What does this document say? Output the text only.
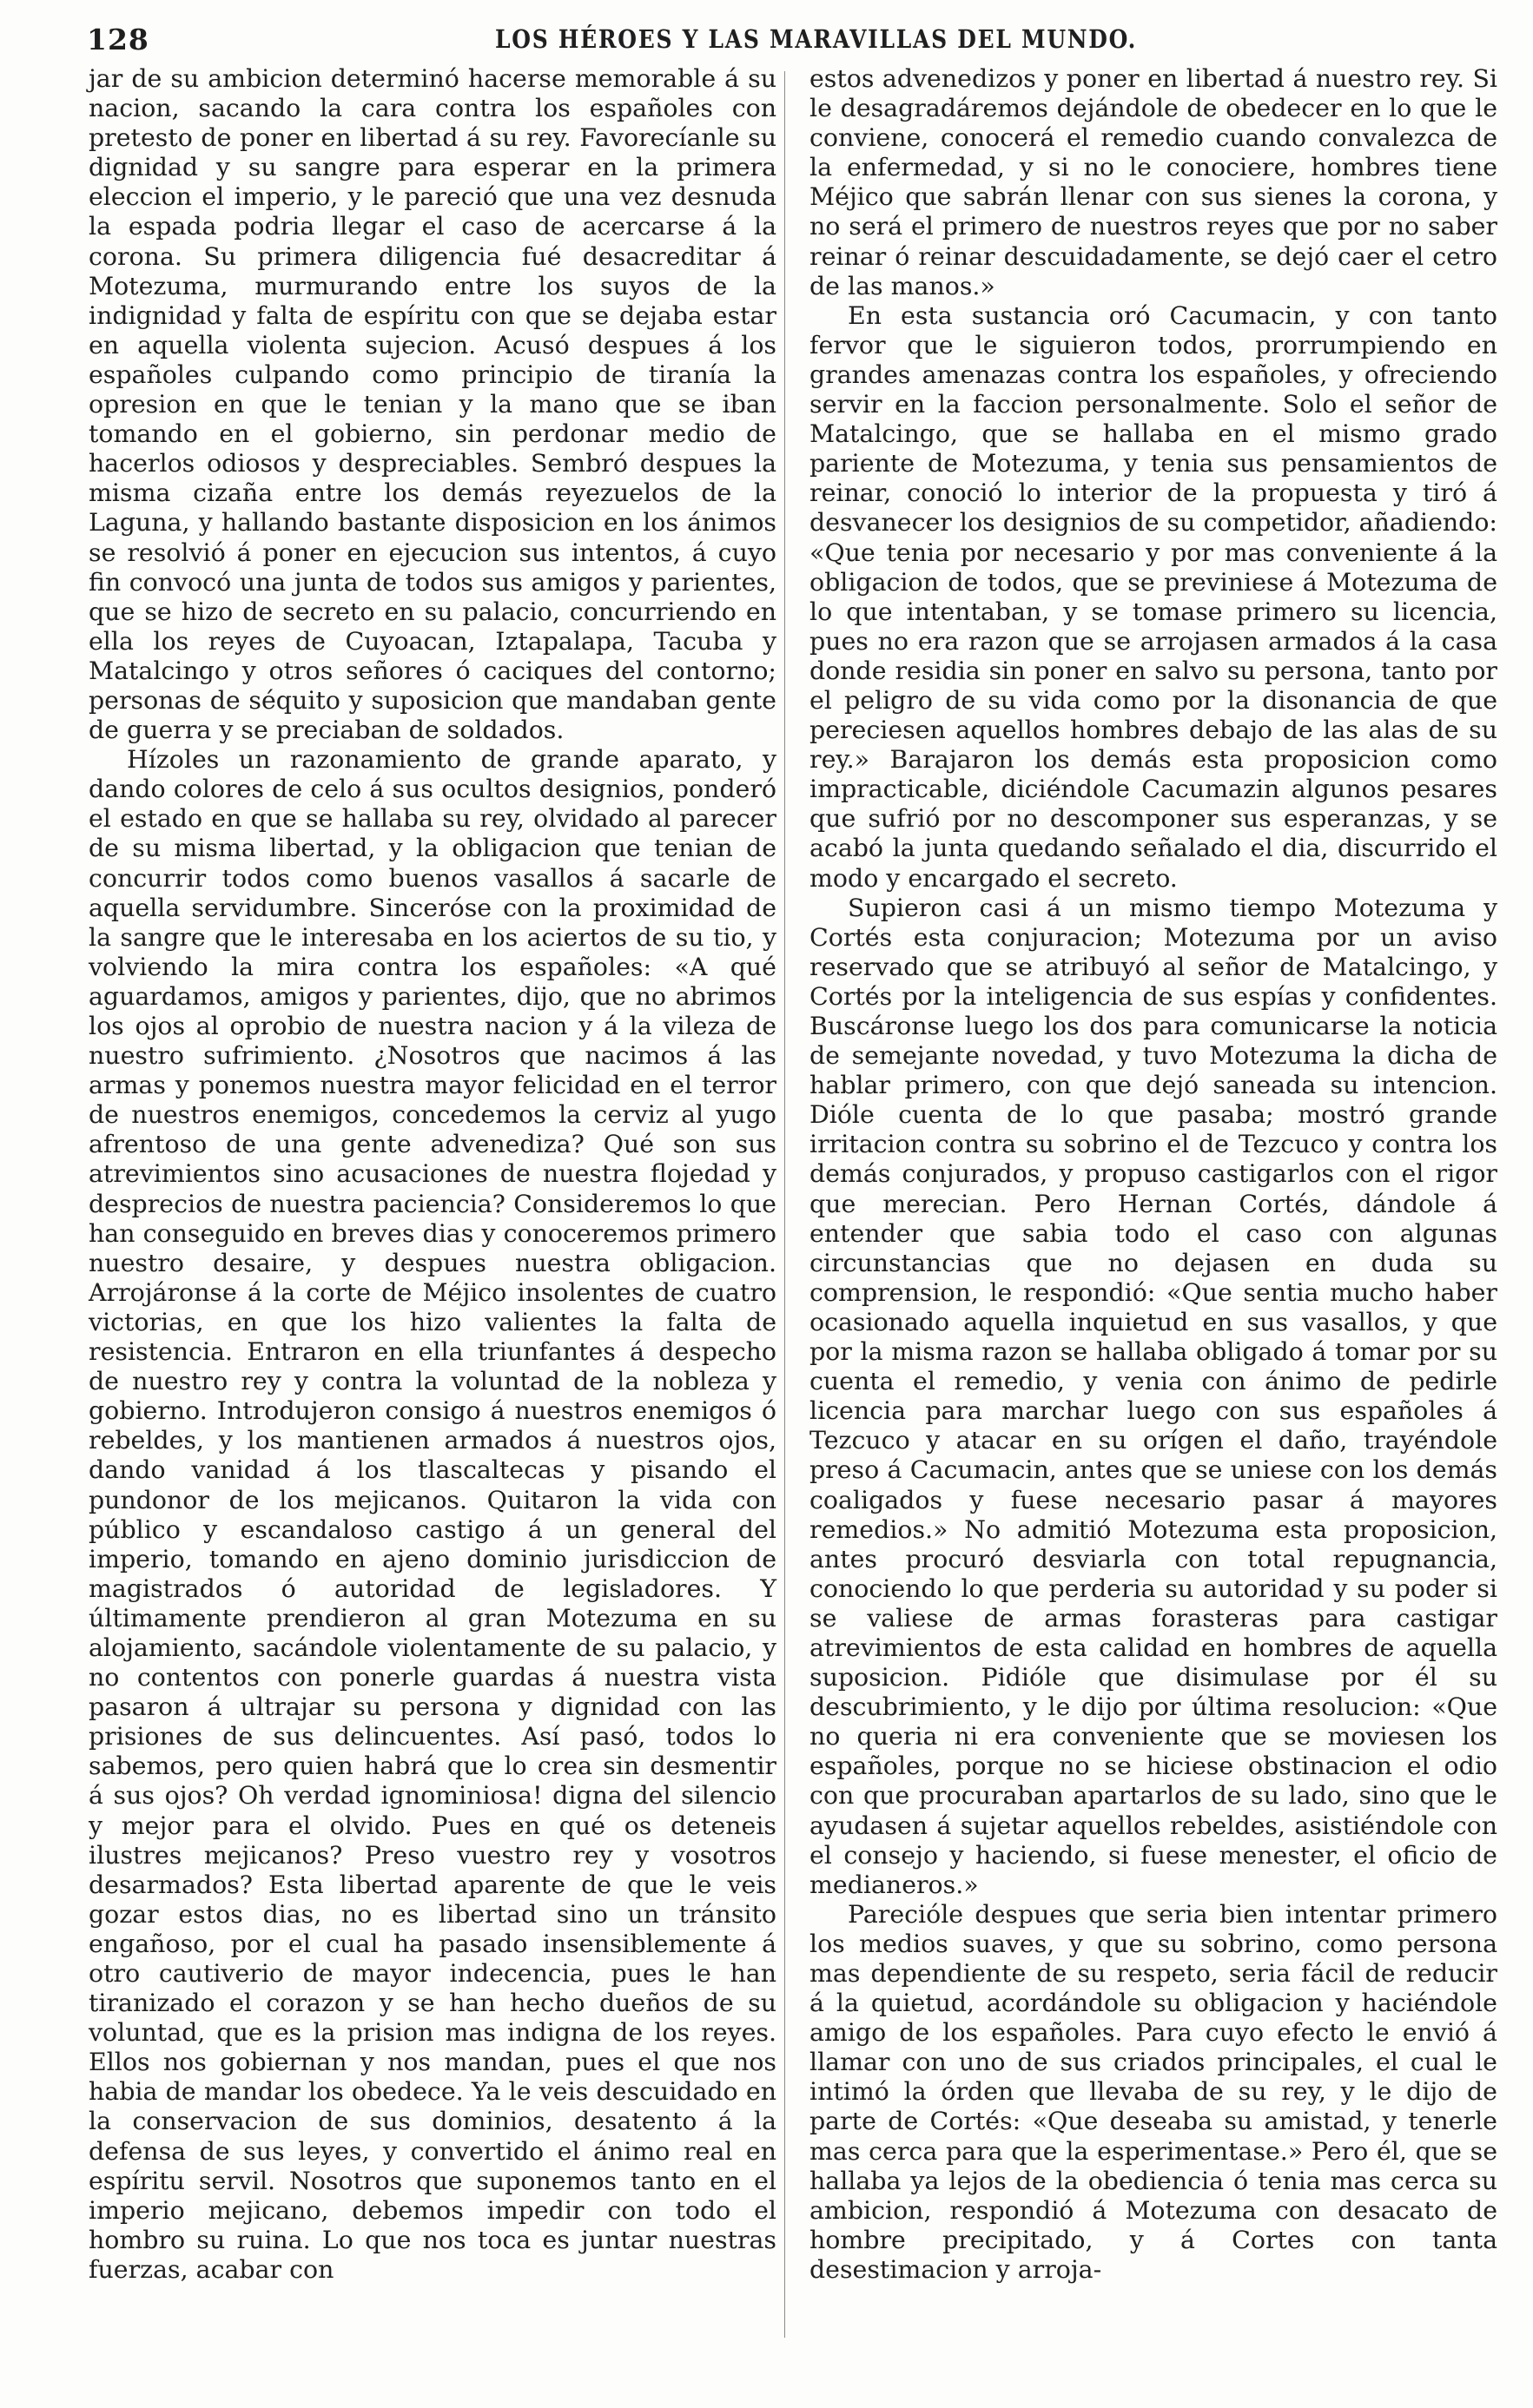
128	LOS HÉROES Y LAS MARAVILLAS DEL MUNDO.

jar de su ambicion determinó hacerse memorable á su nacion, sacando la cara contra los españoles con pretesto de poner en libertad á su rey. Favorecíanle su dignidad y su sangre para esperar en la primera eleccion el imperio, y le pareció que una vez desnuda la espada podria llegar el caso de acercarse á la corona. Su primera diligencia fué desacreditar á Motezuma, murmurando entre los suyos de la indignidad y falta de espíritu con que se dejaba estar en aquella violenta sujecion. Acusó despues á los españoles culpando como principio de tiranía la opresion en que le tenian y la mano que se iban tomando en el gobierno, sin perdonar medio de hacerlos odiosos y despreciables. Sembró despues la misma cizaña entre los demás reyezuelos de la Laguna, y hallando bastante disposicion en los ánimos se resolvió á poner en ejecucion sus intentos, á cuyo fin convocó una junta de todos sus amigos y parientes, que se hizo de secreto en su palacio, concurriendo en ella los reyes de Cuyoacan, Iztapalapa, Tacuba y Matalcingo y otros señores ó caciques del contorno; personas de séquito y suposicion que mandaban gente de guerra y se preciaban de soldados.

Hízoles un razonamiento de grande aparato, y dando colores de celo á sus ocultos designios, ponderó el estado en que se hallaba su rey, olvidado al parecer de su misma libertad, y la obligacion que tenian de concurrir todos como buenos vasallos á sacarle de aquella servidumbre. Sinceróse con la proximidad de la sangre que le interesaba en los aciertos de su tio, y volviendo la mira contra los españoles: «A qué aguardamos, amigos y parientes, dijo, que no abrimos los ojos al oprobio de nuestra nacion y á la vileza de nuestro sufrimiento. ¿Nosotros que nacimos á las armas y ponemos nuestra mayor felicidad en el terror de nuestros enemigos, concedemos la cerviz al yugo afrentoso de una gente advenediza? Qué son sus atrevimientos sino acusaciones de nuestra flojedad y desprecios de nuestra paciencia? Consideremos lo que han conseguido en breves dias y conoceremos primero nuestro desaire, y despues nuestra obligacion. Arrojáronse á la corte de Méjico insolentes de cuatro victorias, en que los hizo valientes la falta de resistencia. Entraron en ella triunfantes á despecho de nuestro rey y contra la voluntad de la nobleza y gobierno. Introdujeron consigo á nuestros enemigos ó rebeldes, y los mantienen armados á nuestros ojos, dando vanidad á los tlascaltecas y pisando el pundonor de los mejicanos. Quitaron la vida con público y escandaloso castigo á un general del imperio, tomando en ajeno dominio jurisdiccion de magistrados ó autoridad de legisladores. Y últimamente prendieron al gran Motezuma en su alojamiento, sacándole violentamente de su palacio, y no contentos con ponerle guardas á nuestra vista pasaron á ultrajar su persona y dignidad con las prisiones de sus delincuentes. Así pasó, todos lo sabemos, pero quien habrá que lo crea sin desmentir á sus ojos? Oh verdad ignominiosa! digna del silencio y mejor para el olvido. Pues en qué os deteneis ilustres mejicanos? Preso vuestro rey y vosotros desarmados? Esta libertad aparente de que le veis gozar estos dias, no es libertad sino un tránsito engañoso, por el cual ha pasado insensiblemente á otro cautiverio de mayor indecencia, pues le han tiranizado el corazon y se han hecho dueños de su voluntad, que es la prision mas indigna de los reyes. Ellos nos gobiernan y nos mandan, pues el que nos habia de mandar los obedece. Ya le veis descuidado en la conservacion de sus dominios, desatento á la defensa de sus leyes, y convertido el ánimo real en espíritu servil. Nosotros que suponemos tanto en el imperio mejicano, debemos impedir con todo el hombro su ruina. Lo que nos toca es juntar nuestras fuerzas, acabar con

estos advenedizos y poner en libertad á nuestro rey. Si le desagradáremos dejándole de obedecer en lo que le conviene, conocerá el remedio cuando convalezca de la enfermedad, y si no le conociere, hombres tiene Méjico que sabrán llenar con sus sienes la corona, y no será el primero de nuestros reyes que por no saber reinar ó reinar descuidadamente, se dejó caer el cetro de las manos.»

En esta sustancia oró Cacumacin, y con tanto fervor que le siguieron todos, prorrumpiendo en grandes amenazas contra los españoles, y ofreciendo servir en la faccion personalmente. Solo el señor de Matalcingo, que se hallaba en el mismo grado pariente de Motezuma, y tenia sus pensamientos de reinar, conoció lo interior de la propuesta y tiró á desvanecer los designios de su competidor, añadiendo: «Que tenia por necesario y por mas conveniente á la obligacion de todos, que se previniese á Motezuma de lo que intentaban, y se tomase primero su licencia, pues no era razon que se arrojasen armados á la casa donde residia sin poner en salvo su persona, tanto por el peligro de su vida como por la disonancia de que pereciesen aquellos hombres debajo de las alas de su rey.» Barajaron los demás esta proposicion como impracticable, diciéndole Cacumazin algunos pesares que sufrió por no descomponer sus esperanzas, y se acabó la junta quedando señalado el dia, discurrido el modo y encargado el secreto.

Supieron casi á un mismo tiempo Motezuma y Cortés esta conjuracion; Motezuma por un aviso reservado que se atribuyó al señor de Matalcingo, y Cortés por la inteligencia de sus espías y confidentes. Buscáronse luego los dos para comunicarse la noticia de semejante novedad, y tuvo Motezuma la dicha de hablar primero, con que dejó saneada su intencion. Dióle cuenta de lo que pasaba; mostró grande irritacion contra su sobrino el de Tezcuco y contra los demás conjurados, y propuso castigarlos con el rigor que merecian. Pero Hernan Cortés, dándole á entender que sabia todo el caso con algunas circunstancias que no dejasen en duda su comprension, le respondió: «Que sentia mucho haber ocasionado aquella inquietud en sus vasallos, y que por la misma razon se hallaba obligado á tomar por su cuenta el remedio, y venia con ánimo de pedirle licencia para marchar luego con sus españoles á Tezcuco y atacar en su orígen el daño, trayéndole preso á Cacumacin, antes que se uniese con los demás coaligados y fuese necesario pasar á mayores remedios.» No admitió Motezuma esta proposicion, antes procuró desviarla con total repugnancia, conociendo lo que perderia su autoridad y su poder si se valiese de armas forasteras para castigar atrevimientos de esta calidad en hombres de aquella suposicion. Pidióle que disimulase por él su descubrimiento, y le dijo por última resolucion: «Que no queria ni era conveniente que se moviesen los españoles, porque no se hiciese obstinacion el odio con que procuraban apartarlos de su lado, sino que le ayudasen á sujetar aquellos rebeldes, asistiéndole con el consejo y haciendo, si fuese menester, el oficio de medianeros.»

Parecióle despues que seria bien intentar primero los medios suaves, y que su sobrino, como persona mas dependiente de su respeto, seria fácil de reducir á la quietud, acordándole su obligacion y haciéndole amigo de los españoles. Para cuyo efecto le envió á llamar con uno de sus criados principales, el cual le intimó la órden que llevaba de su rey, y le dijo de parte de Cortés: «Que deseaba su amistad, y tenerle mas cerca para que la esperimentase.» Pero él, que se hallaba ya lejos de la obediencia ó tenia mas cerca su ambicion, respondió á Motezuma con desacato de hombre precipitado, y á Cortes con tanta desestimacion y arroja-
